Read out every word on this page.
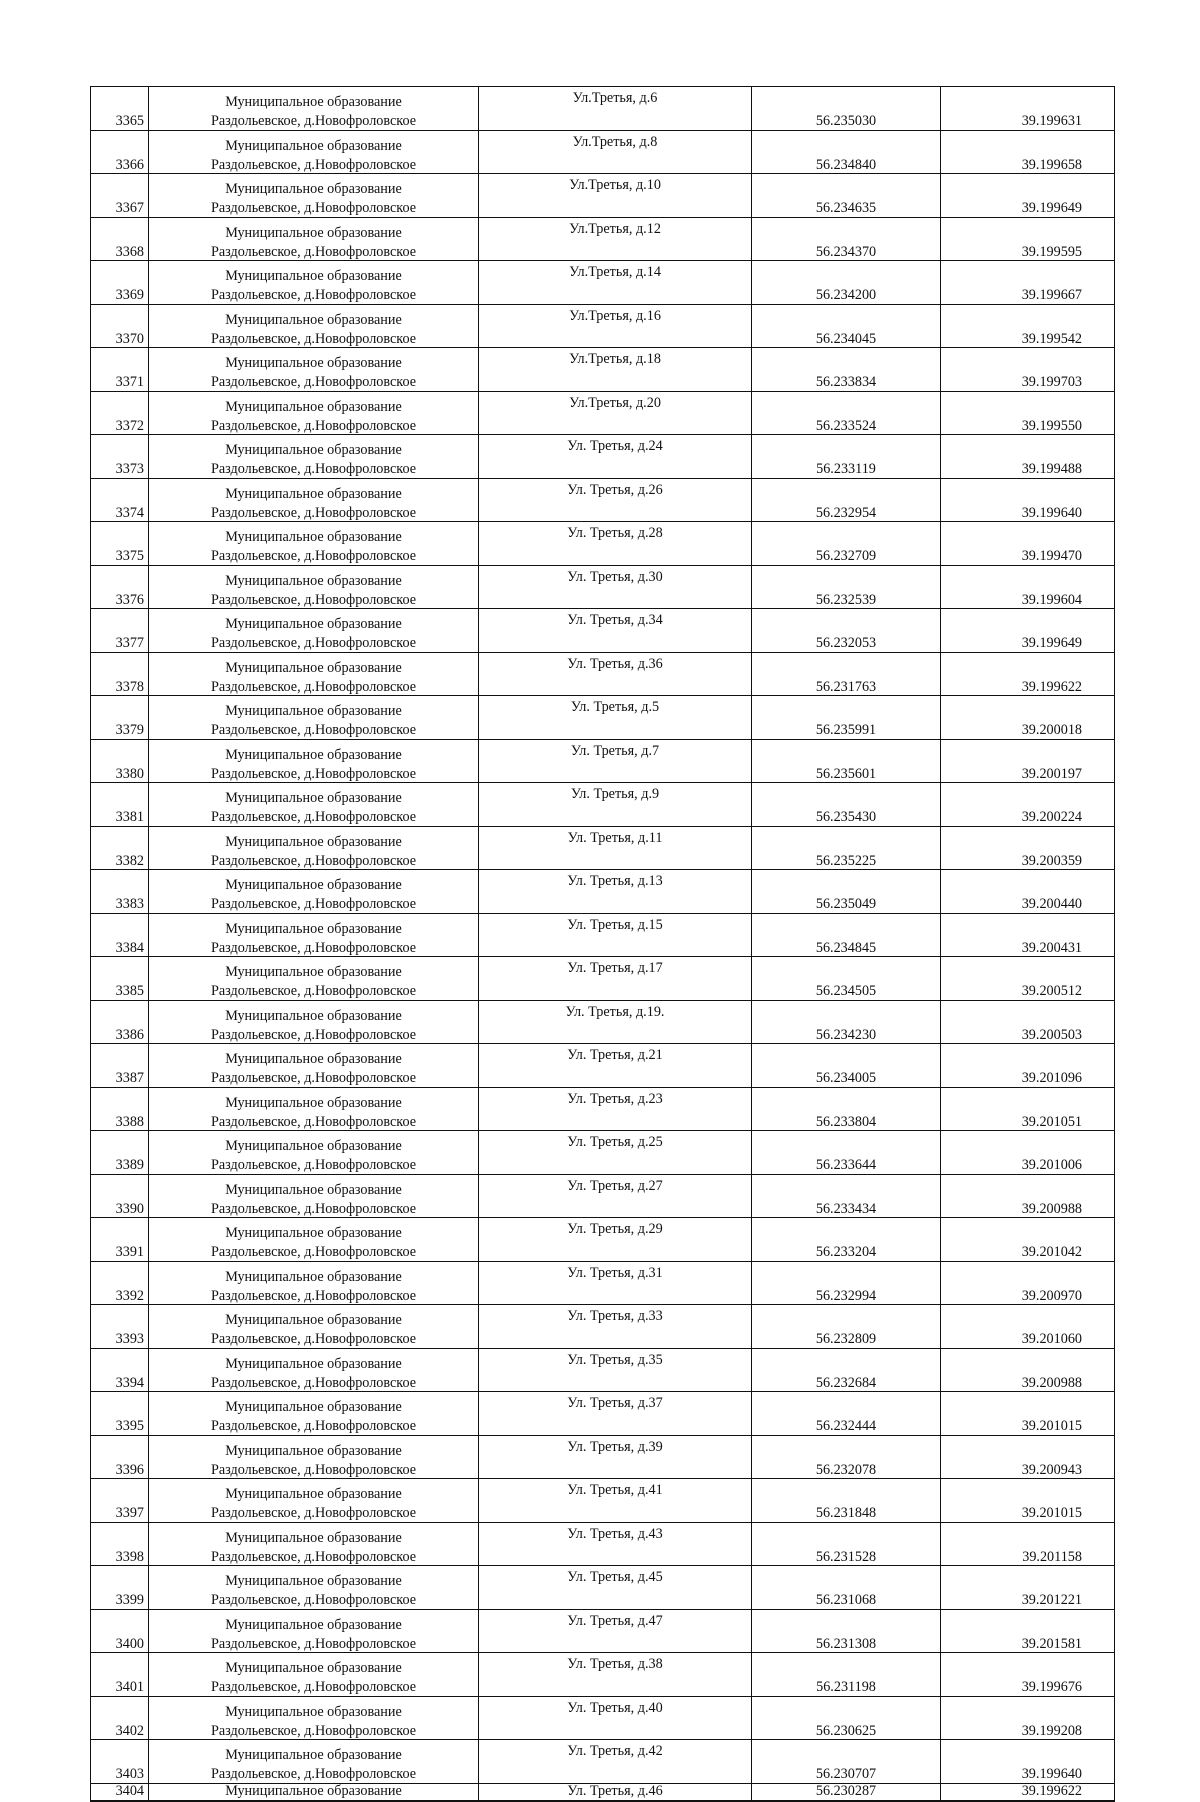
3365	Муниципальное образование
Раздольевское, д.Новофроловское	Ул.Третья, д.6	56.235030	39.199631

3366	Муниципальное образование
Раздольевское, д.Новофроловское	Ул.Третья, д.8	56.234840	39.199658

3367	Муниципальное образование
Раздольевское, д.Новофроловское	Ул.Третья, д.10	56.234635	39.199649

3368	Муниципальное образование
Раздольевское, д.Новофроловское	Ул.Третья, д.12	56.234370	39.199595

3369	Муниципальное образование
Раздольевское, д.Новофроловское	Ул.Третья, д.14	56.234200	39.199667

3370	Муниципальное образование
Раздольевское, д.Новофроловское	Ул.Третья, д.16	56.234045	39.199542

3371	Муниципальное образование
Раздольевское, д.Новофроловское	Ул.Третья, д.18	56.233834	39.199703

3372	Муниципальное образование
Раздольевское, д.Новофроловское	Ул.Третья, д.20	56.233524	39.199550

3373	Муниципальное образование
Раздольевское, д.Новофроловское	Ул. Третья, д.24	56.233119	39.199488

3374	Муниципальное образование
Раздольевское, д.Новофроловское	Ул. Третья, д.26	56.232954	39.199640

3375	Муниципальное образование
Раздольевское, д.Новофроловское	Ул. Третья, д.28	56.232709	39.199470

3376	Муниципальное образование
Раздольевское, д.Новофроловское	Ул. Третья, д.30	56.232539	39.199604

3377	Муниципальное образование
Раздольевское, д.Новофроловское	Ул. Третья, д.34	56.232053	39.199649

3378	Муниципальное образование
Раздольевское, д.Новофроловское	Ул. Третья, д.36	56.231763	39.199622

3379	Муниципальное образование
Раздольевское, д.Новофроловское	Ул. Третья, д.5	56.235991	39.200018

3380	Муниципальное образование
Раздольевское, д.Новофроловское	Ул. Третья, д.7	56.235601	39.200197

3381	Муниципальное образование
Раздольевское, д.Новофроловское	Ул. Третья, д.9	56.235430	39.200224

3382	Муниципальное образование
Раздольевское, д.Новофроловское	Ул. Третья, д.11	56.235225	39.200359

3383	Муниципальное образование
Раздольевское, д.Новофроловское	Ул. Третья, д.13	56.235049	39.200440

3384	Муниципальное образование
Раздольевское, д.Новофроловское	Ул. Третья, д.15	56.234845	39.200431

3385	Муниципальное образование
Раздольевское, д.Новофроловское	Ул. Третья, д.17	56.234505	39.200512

3386	Муниципальное образование
Раздольевское, д.Новофроловское	Ул. Третья, д.19.	56.234230	39.200503

3387	Муниципальное образование
Раздольевское, д.Новофроловское	Ул. Третья, д.21	56.234005	39.201096

3388	Муниципальное образование
Раздольевское, д.Новофроловское	Ул. Третья, д.23	56.233804	39.201051

3389	Муниципальное образование
Раздольевское, д.Новофроловское	Ул. Третья, д.25	56.233644	39.201006

3390	Муниципальное образование
Раздольевское, д.Новофроловское	Ул. Третья, д.27	56.233434	39.200988

3391	Муниципальное образование
Раздольевское, д.Новофроловское	Ул. Третья, д.29	56.233204	39.201042

3392	Муниципальное образование
Раздольевское, д.Новофроловское	Ул. Третья, д.31	56.232994	39.200970

3393	Муниципальное образование
Раздольевское, д.Новофроловское	Ул. Третья, д.33	56.232809	39.201060

3394	Муниципальное образование
Раздольевское, д.Новофроловское	Ул. Третья, д.35	56.232684	39.200988

3395	Муниципальное образование
Раздольевское, д.Новофроловское	Ул. Третья, д.37	56.232444	39.201015

3396	Муниципальное образование
Раздольевское, д.Новофроловское	Ул. Третья, д.39	56.232078	39.200943

3397	Муниципальное образование
Раздольевское, д.Новофроловское	Ул. Третья, д.41	56.231848	39.201015

3398	Муниципальное образование
Раздольевское, д.Новофроловское	Ул. Третья, д.43	56.231528	39.201158

3399	Муниципальное образование
Раздольевское, д.Новофроловское	Ул. Третья, д.45	56.231068	39.201221

3400	Муниципальное образование
Раздольевское, д.Новофроловское	Ул. Третья, д.47	56.231308	39.201581

3401	Муниципальное образование
Раздольевское, д.Новофроловское	Ул. Третья, д.38	56.231198	39.199676

3402	Муниципальное образование
Раздольевское, д.Новофроловское	Ул. Третья, д.40	56.230625	39.199208

3403	Муниципальное образование
Раздольевское, д.Новофроловское	Ул. Третья, д.42	56.230707	39.199640

3404	Муниципальное образование	Ул. Третья, д.46	56.230287	39.199622
